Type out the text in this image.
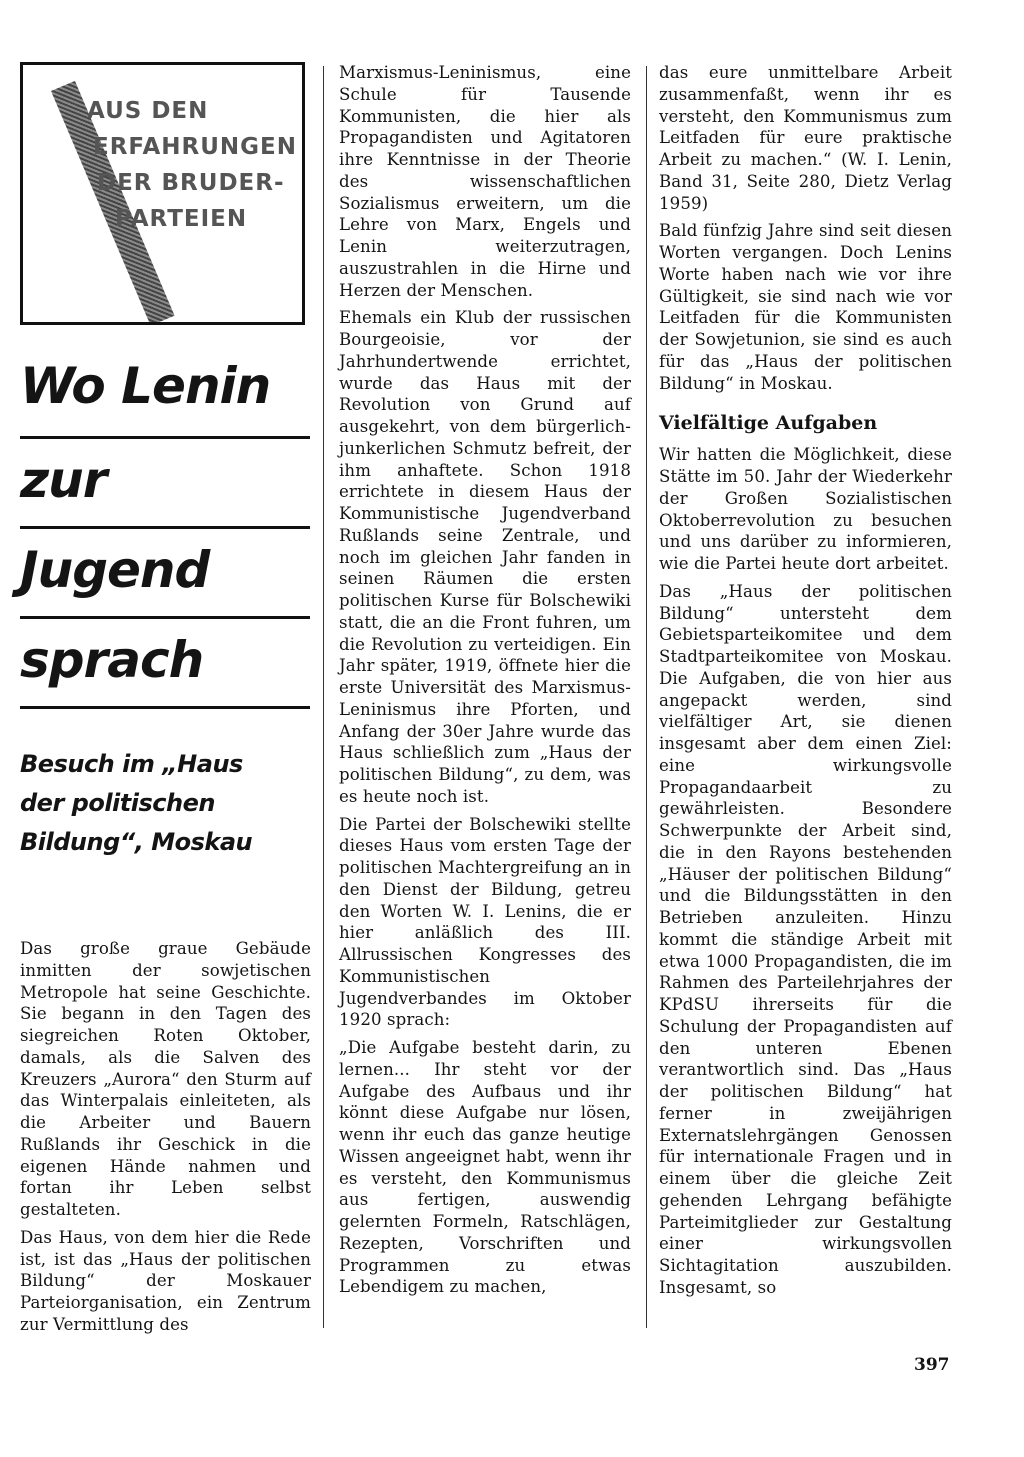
AUS DEN
ERFAHRUNGEN
DER BRUDER-
PARTEIEN
Wo Lenin
zur
Jugend
sprach
Besuch im „Haus
der politischen
Bildung“, Moskau

Das große graue Gebäude inmitten der sowjetischen Metropole hat seine Geschichte. Sie begann in den Tagen des siegreichen Roten Oktober, damals, als die Salven des Kreuzers „Aurora“ den Sturm auf das Winterpalais einleiteten, als die Arbeiter und Bauern Rußlands ihr Geschick in die eigenen Hände nahmen und fortan ihr Leben selbst gestalteten.

Das Haus, von dem hier die Rede ist, ist das „Haus der politischen Bildung“ der Moskauer Parteiorganisation, ein Zentrum zur Vermittlung des

Marxismus-Leninismus, eine Schule für Tausende Kommunisten, die hier als Propagandisten und Agitatoren ihre Kenntnisse in der Theorie des wissenschaftlichen Sozialismus erweitern, um die Lehre von Marx, Engels und Lenin weiterzutragen, auszustrahlen in die Hirne und Herzen der Menschen.

Ehemals ein Klub der russischen Bourgeoisie, vor der Jahrhundertwende errichtet, wurde das Haus mit der Revolution von Grund auf ausgekehrt, von dem bürgerlich-junkerlichen Schmutz befreit, der ihm anhaftete. Schon 1918 errichtete in diesem Haus der Kommunistische Jugendverband Rußlands seine Zentrale, und noch im gleichen Jahr fanden in seinen Räumen die ersten politischen Kurse für Bolschewiki statt, die an die Front fuhren, um die Revolution zu verteidigen. Ein Jahr später, 1919, öffnete hier die erste Universität des Marxismus-Leninismus ihre Pforten, und Anfang der 30er Jahre wurde das Haus schließlich zum „Haus der politischen Bildung“, zu dem, was es heute noch ist.

Die Partei der Bolschewiki stellte dieses Haus vom ersten Tage der politischen Machtergreifung an in den Dienst der Bildung, getreu den Worten W. I. Lenins, die er hier anläßlich des III. Allrussischen Kongresses des Kommunistischen Jugendverbandes im Oktober 1920 sprach:

„Die Aufgabe besteht darin, zu lernen... Ihr steht vor der Aufgabe des Aufbaus und ihr könnt diese Aufgabe nur lösen, wenn ihr euch das ganze heutige Wissen angeeignet habt, wenn ihr es versteht, den Kommunismus aus fertigen, auswendig gelernten Formeln, Ratschlägen, Rezepten, Vorschriften und Programmen zu etwas Lebendigem zu machen,

das eure unmittelbare Arbeit zusammenfaßt, wenn ihr es versteht, den Kommunismus zum Leitfaden für eure praktische Arbeit zu machen.“ (W. I. Lenin, Band 31, Seite 280, Dietz Verlag 1959)

Bald fünfzig Jahre sind seit diesen Worten vergangen. Doch Lenins Worte haben nach wie vor ihre Gültigkeit, sie sind nach wie vor Leitfaden für die Kommunisten der Sowjetunion, sie sind es auch für das „Haus der politischen Bildung“ in Moskau.

Vielfältige Aufgaben

Wir hatten die Möglichkeit, diese Stätte im 50. Jahr der Wiederkehr der Großen Sozialistischen Oktoberrevolution zu besuchen und uns darüber zu informieren, wie die Partei heute dort arbeitet.

Das „Haus der politischen Bildung“ untersteht dem Gebietsparteikomitee und dem Stadtparteikomitee von Moskau. Die Aufgaben, die von hier aus angepackt werden, sind vielfältiger Art, sie dienen insgesamt aber dem einen Ziel: eine wirkungsvolle Propagandaarbeit zu gewährleisten. Besondere Schwerpunkte der Arbeit sind, die in den Rayons bestehenden „Häuser der politischen Bildung“ und die Bildungsstätten in den Betrieben anzuleiten. Hinzu kommt die ständige Arbeit mit etwa 1000 Propagandisten, die im Rahmen des Parteilehrjahres der KPdSU ihrerseits für die Schulung der Propagandisten auf den unteren Ebenen verantwortlich sind. Das „Haus der politischen Bildung“ hat ferner in zweijährigen Externatslehrgängen Genossen für internationale Fragen und in einem über die gleiche Zeit gehenden Lehrgang befähigte Parteimitglieder zur Gestaltung einer wirkungsvollen Sichtagitation auszubilden. Insgesamt, so

397
